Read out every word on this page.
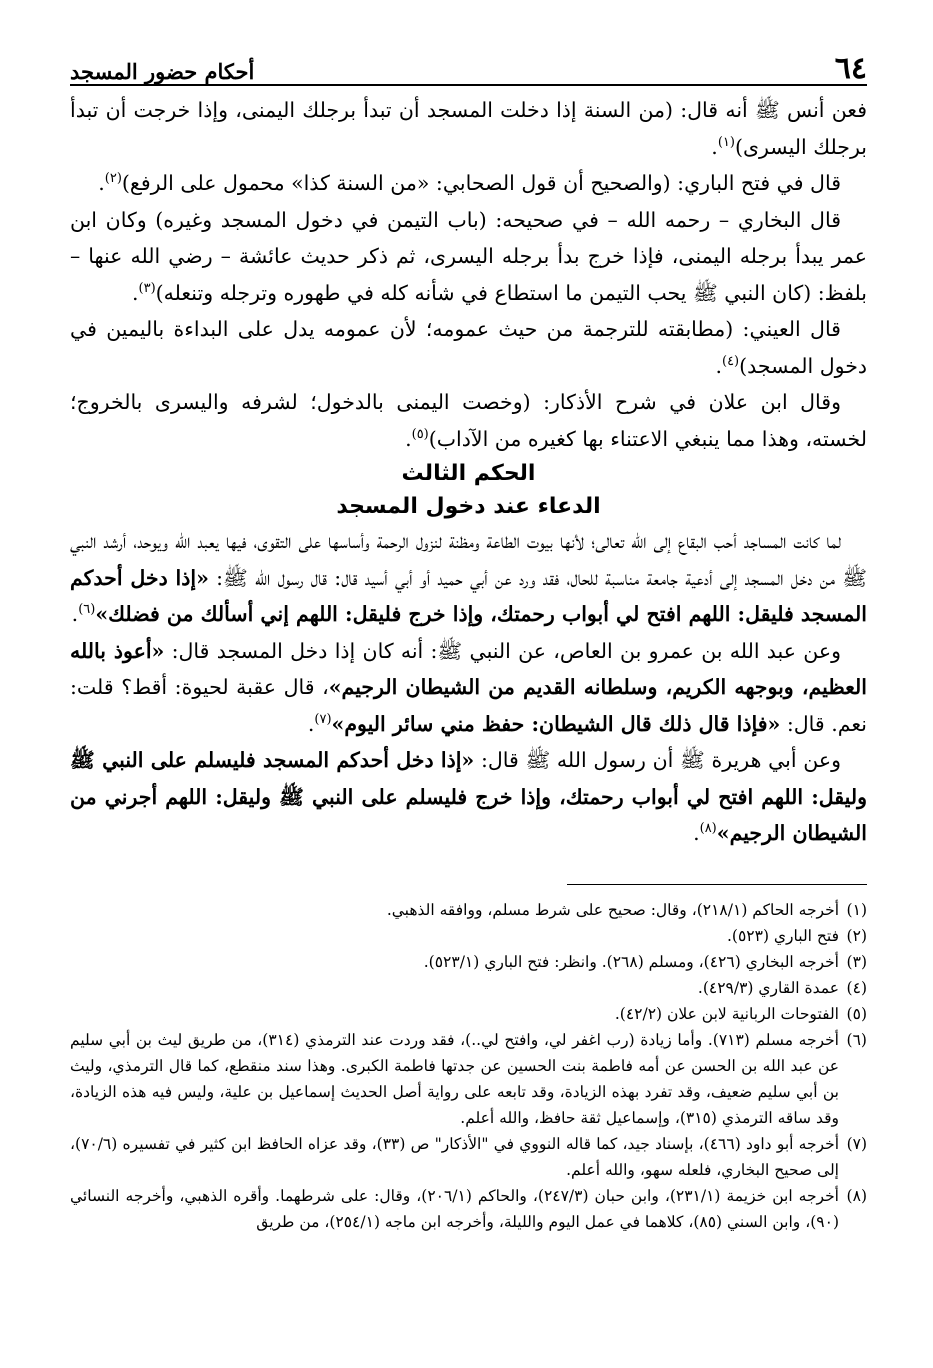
٦٤
أحكام حضور المسجد

فعن أنس ﷺ أنه قال: (من السنة إذا دخلت المسجد أن تبدأ برجلك اليمنى، وإذا خرجت أن تبدأ برجلك اليسرى)$^{(١)}$.

قال في فتح الباري: (والصحيح أن قول الصحابي: «من السنة كذا» محمول على الرفع)$^{(٢)}$.

قال البخاري – رحمه الله – في صحيحه: (باب التيمن في دخول المسجد وغيره) وكان ابن عمر يبدأ برجله اليمنى، فإذا خرج بدأ برجله اليسرى، ثم ذكر حديث عائشة – رضي الله عنها – بلفظ: (كان النبي ﷺ يحب التيمن ما استطاع في شأنه كله في طهوره وترجله وتنعله)$^{(٣)}$.

قال العيني: (مطابقته للترجمة من حيث عمومه؛ لأن عمومه يدل على البداءة باليمين في دخول المسجد)$^{(٤)}$.

وقال ابن علان في شرح الأذكار: (وخصت اليمنى بالدخول؛ لشرفه واليسرى بالخروج؛ لخسته، وهذا مما ينبغي الاعتناء بها كغيره من الآداب)$^{(٥)}$.

الحكم الثالث
الدعاء عند دخول المسجد

لما كانت المساجد أحب البقاع إلى الله تعالى؛ لأنها بيوت الطاعة ومظنة لنزول الرحمة وأساسها على التقوى، فيها يعبد الله ويوحد، أرشد النبي ﷺ من دخل المسجد إلى أدعية جامعة مناسبة للحال، فقد ورد عن أبي حميد أو أبي أسيد قال: قال رسول الله ﷺ: «إذا دخل أحدكم المسجد فليقل: اللهم افتح لي أبواب رحمتك، وإذا خرج فليقل: اللهم إني أسألك من فضلك»$^{(٦)}$.

وعن عبد الله بن عمرو بن العاص، عن النبي ﷺ: أنه كان إذا دخل المسجد قال: «أعوذ بالله العظيم، وبوجهه الكريم، وسلطانه القديم من الشيطان الرجيم»، قال عقبة لحيوة: أقط؟ قلت: نعم. قال: «فإذا قال ذلك قال الشيطان: حفظ مني سائر اليوم»$^{(٧)}$.

وعن أبي هريرة ﷺ أن رسول الله ﷺ قال: «إذا دخل أحدكم المسجد فليسلم على النبي ﷺ وليقل: اللهم افتح لي أبواب رحمتك، وإذا خرج فليسلم على النبي ﷺ وليقل: اللهم أجرني من الشيطان الرجيم»$^{(٨)}$.

(١)أخرجه الحاكم (٢١٨/١)، وقال: صحيح على شرط مسلم، ووافقه الذهبي.

(٢)فتح الباري (٥٢٣).

(٣)أخرجه البخاري (٤٢٦)، ومسلم (٢٦٨). وانظر: فتح الباري (٥٢٣/١).

(٤)عمدة القاري (٤٢٩/٣).

(٥)الفتوحات الربانية لابن علان (٤٢/٢).

(٦)أخرجه مسلم (٧١٣). وأما زيادة (رب اغفر لي، وافتح لي..)، فقد وردت عند الترمذي (٣١٤)، من طريق ليث بن أبي سليم عن عبد الله بن الحسن عن أمه فاطمة بنت الحسين عن جدتها فاطمة الكبرى. وهذا سند منقطع، كما قال الترمذي، وليث بن أبي سليم ضعيف، وقد تفرد بهذه الزيادة، وقد تابعه على رواية أصل الحديث إسماعيل بن علية، وليس فيه هذه الزيادة، وقد ساقه الترمذي (٣١٥)، وإسماعيل ثقة حافظ، والله أعلم.

(٧)أخرجه أبو داود (٤٦٦)، بإسناد جيد، كما قاله النووي في "الأذكار" ص (٣٣)، وقد عزاه الحافظ ابن كثير في تفسيره (٧٠/٦)، إلى صحيح البخاري، فلعله سهو، والله أعلم.

(٨)أخرجه ابن خزيمة (٢٣١/١)، وابن حبان (٢٤٧/٣)، والحاكم (٢٠٦/١)، وقال: على شرطهما. وأقره الذهبي، وأخرجه النسائي (٩٠)، وابن السني (٨٥)، كلاهما في عمل اليوم والليلة، وأخرجه ابن ماجه (٢٥٤/١)، من طريق
